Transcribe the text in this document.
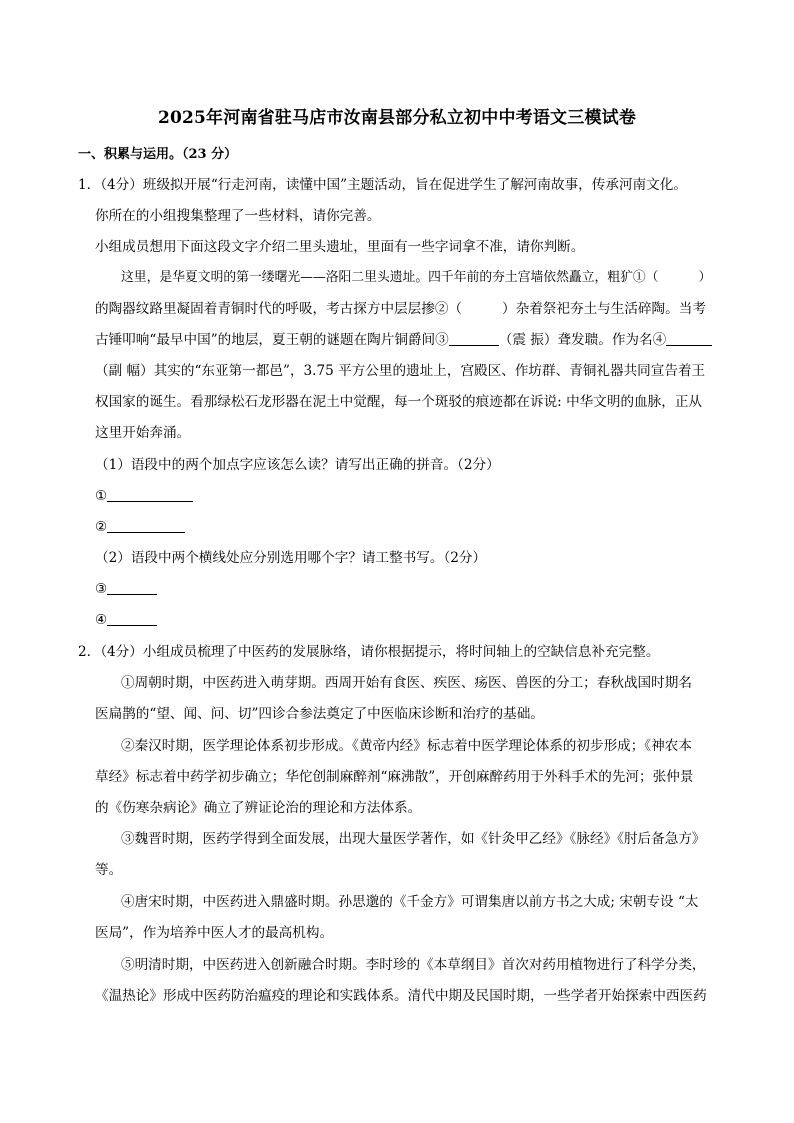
2025年河南省驻马店市汝南县部分私立初中中考语文三模试卷
一、积累与运用。（23 分）
1．（4分）班级拟开展“行走河南，读懂中国”主题活动，旨在促进学生了解河南故事，传承河南文化。
你所在的小组搜集整理了一些材料，请你完善。
小组成员想用下面这段文字介绍二里头遗址，里面有一些字词拿不准，请你判断。
这里，是华夏文明的第一缕曙光——洛阳二里头遗址。四千年前的夯土宫墙依然矗立，粗犷①（	）
的陶器纹路里凝固着青铜时代的呼吸，考古探方中层层掺②（	）杂着祭祀夯土与生活碎陶。当考
古锤叩响“最早中国”的地层，夏王朝的谜题在陶片铜爵间③	（震 振）聋发聩。作为名④
（副 幅）其实的“东亚第一都邑”，3.75 平方公里的遗址上，宫殿区、作坊群、青铜礼器共同宣告着王
权国家的诞生。看那绿松石龙形器在泥土中觉醒，每一个斑驳的痕迹都在诉说: 中华文明的血脉，正从
这里开始奔涌。
（1）语段中的两个加点字应该怎么读？请写出正确的拼音。（2分）
①
②
（2）语段中两个横线处应分别选用哪个字？请工整书写。（2分）
③
④
2．（4分）小组成员梳理了中医药的发展脉络，请你根据提示，将时间轴上的空缺信息补充完整。
①周朝时期，中医药进入萌芽期。西周开始有食医、疾医、疡医、兽医的分工；春秋战国时期名
医扁鹊的“望、闻、问、切”四诊合参法奠定了中医临床诊断和治疗的基础。
②秦汉时期，医学理论体系初步形成。《黄帝内经》标志着中医学理论体系的初步形成；《神农本
草经》标志着中药学初步确立；华佗创制麻醉剂“麻沸散”，开创麻醉药用于外科手术的先河；张仲景
的《伤寒杂病论》确立了辨证论治的理论和方法体系。
③魏晋时期，医药学得到全面发展，出现大量医学著作，如《针灸甲乙经》《脉经》《肘后备急方》
等。
④唐宋时期，中医药进入鼎盛时期。孙思邈的《千金方》可谓集唐以前方书之大成; 宋朝专设 “太
医局”，作为培养中医人才的最高机构。
⑤明清时期，中医药进入创新融合时期。李时珍的《本草纲目》首次对药用植物进行了科学分类，
《温热论》形成中医药防治瘟疫的理论和实践体系。清代中期及民国时期，一些学者开始探索中西医药
